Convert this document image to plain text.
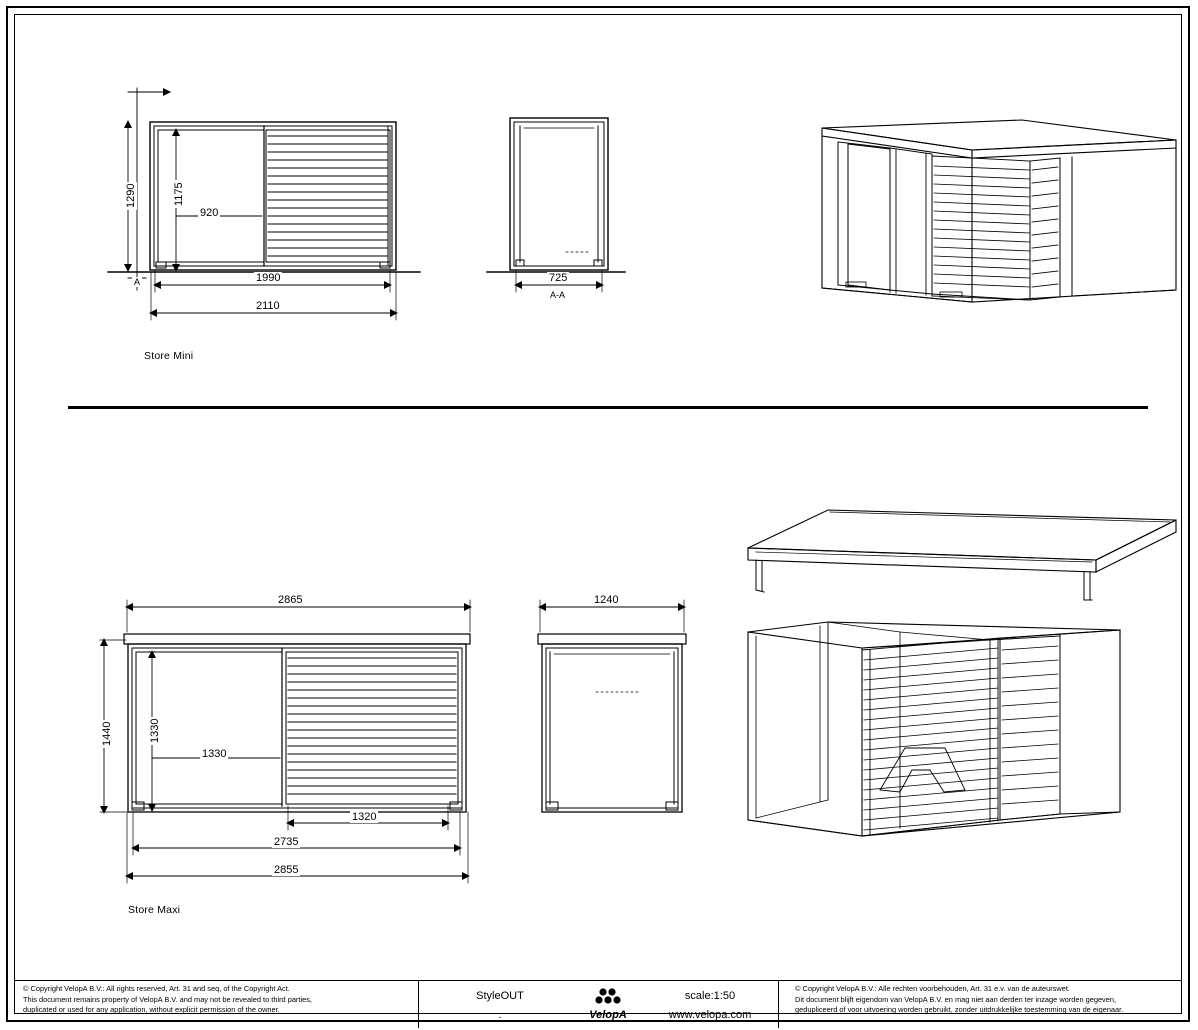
1290	1175
920
1990
2110
A	725
A-A
Store Mini
2865
1440	1330
1330
1320
2735
2855
1240
Store Maxi
© Copyright VelopA B.V.: All rights reserved, Art. 31 and seq, of the Copyright Act.
This document remains property of VelopA B.V. and may not be revealed to third parties,
duplicated or used for any application, without explicit permission of the owner.
© Copyright VelopA B.V.: Alle rechten voorbehouden, Art. 31 e.v. van de auteurswet.
Dit document blijft eigendom van VelopA B.V. en mag niet aan derden ter inzage worden gegeven,
gedupliceerd of voor uitvoering worden gebruikt, zonder uitdrukkelijke toestemming van de eigenaar.
StyleOUT
.
scale:1:50
www.velopa.com
VelopA
